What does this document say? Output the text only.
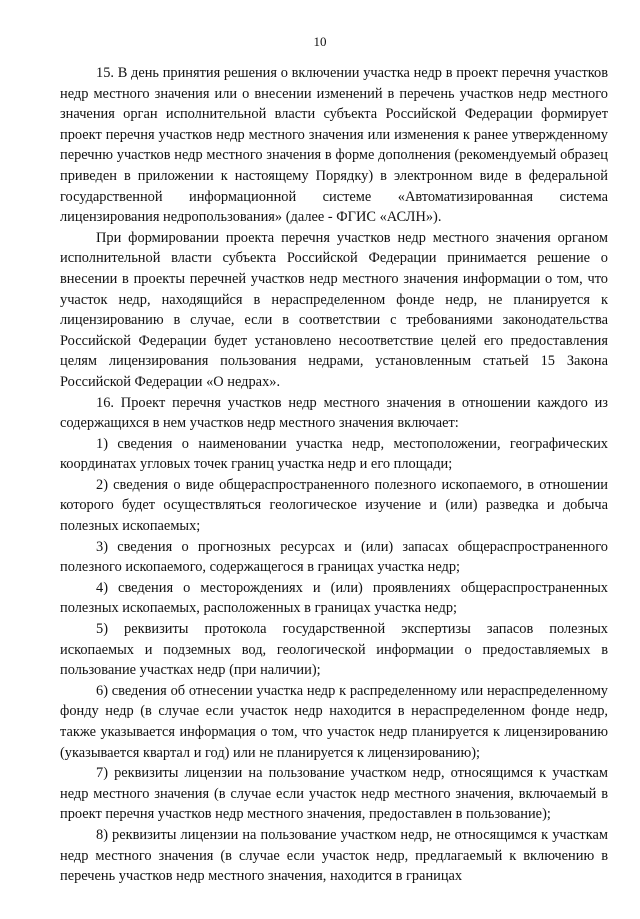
10

15. В день принятия решения о включении участка недр в проект перечня участков недр местного значения или о внесении изменений в перечень участков недр местного значения орган исполнительной власти субъекта Российской Федерации формирует проект перечня участков недр местного значения или изменения к ранее утвержденному перечню участков недр местного значения в форме дополнения (рекомендуемый образец приведен в приложении к настоящему Порядку) в электронном виде в федеральной государственной информационной системе «Автоматизированная система лицензирования недропользования» (далее - ФГИС «АСЛН»).

При формировании проекта перечня участков недр местного значения органом исполнительной власти субъекта Российской Федерации принимается решение о внесении в проекты перечней участков недр местного значения информации о том, что участок недр, находящийся в нераспределенном фонде недр, не планируется к лицензированию в случае, если в соответствии с требованиями законодательства Российской Федерации будет установлено несоответствие целей его предоставления целям лицензирования пользования недрами, установленным статьей 15 Закона Российской Федерации «О недрах».

16. Проект перечня участков недр местного значения в отношении каждого из содержащихся в нем участков недр местного значения включает:

1) сведения о наименовании участка недр, местоположении, географических координатах угловых точек границ участка недр и его площади;

2) сведения о виде общераспространенного полезного ископаемого, в отношении которого будет осуществляться геологическое изучение и (или) разведка и добыча полезных ископаемых;

3) сведения о прогнозных ресурсах и (или) запасах общераспространенного полезного ископаемого, содержащегося в границах участка недр;

4) сведения о месторождениях и (или) проявлениях общераспространенных полезных ископаемых, расположенных в границах участка недр;

5) реквизиты протокола государственной экспертизы запасов полезных ископаемых и подземных вод, геологической информации о предоставляемых в пользование участках недр (при наличии);

6) сведения об отнесении участка недр к распределенному или нераспределенному фонду недр (в случае если участок недр находится в нераспределенном фонде недр, также указывается информация о том, что участок недр планируется к лицензированию (указывается квартал и год) или не планируется к лицензированию);

7) реквизиты лицензии на пользование участком недр, относящимся к участкам недр местного значения (в случае если участок недр местного значения, включаемый в проект перечня участков недр местного значения, предоставлен в пользование);

8) реквизиты лицензии на пользование участком недр, не относящимся к участкам недр местного значения (в случае если участок недр, предлагаемый к включению в перечень участков недр местного значения, находится в границах
